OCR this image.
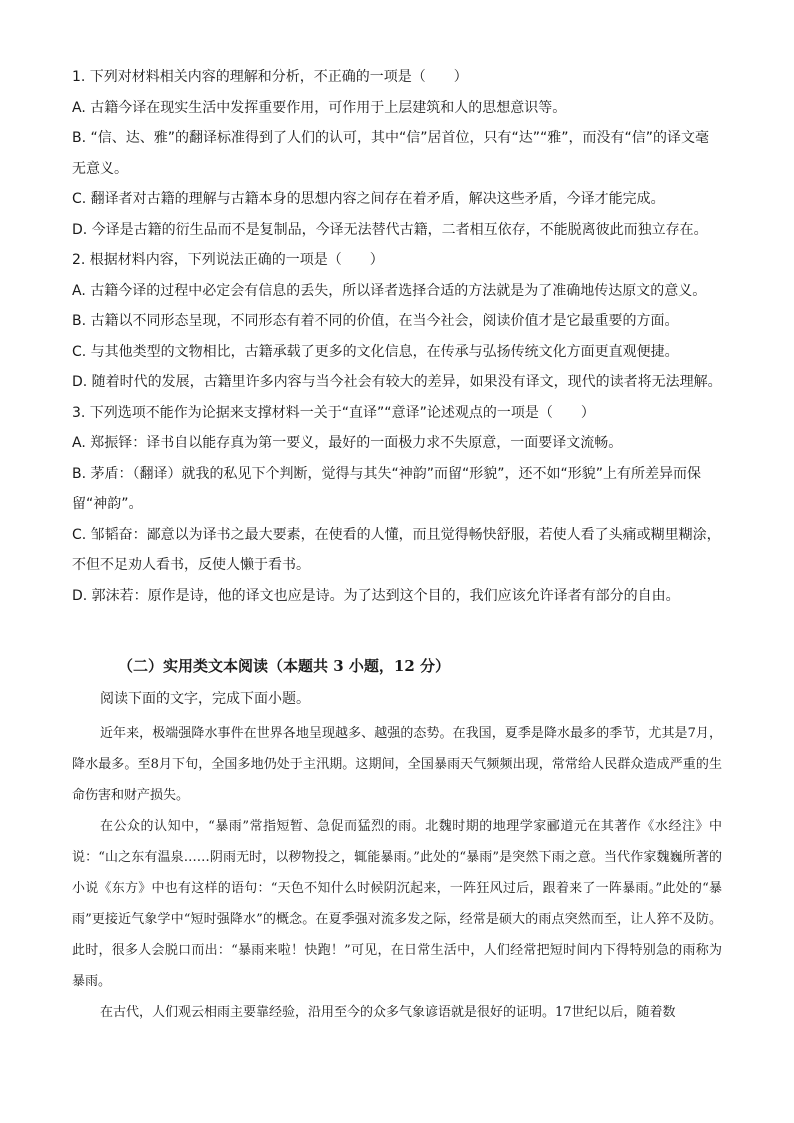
1. 下列对材料相关内容的理解和分析，不正确的一项是（　　）

A. 古籍今译在现实生活中发挥重要作用，可作用于上层建筑和人的思想意识等。

B. “信、达、雅”的翻译标准得到了人们的认可，其中“信”居首位，只有“达”“雅”，而没有“信”的译文毫无意义。

C. 翻译者对古籍的理解与古籍本身的思想内容之间存在着矛盾，解决这些矛盾，今译才能完成。

D. 今译是古籍的衍生品而不是复制品，今译无法替代古籍，二者相互依存，不能脱离彼此而独立存在。

2. 根据材料内容，下列说法正确的一项是（　　）

A. 古籍今译的过程中必定会有信息的丢失，所以译者选择合适的方法就是为了准确地传达原文的意义。

B. 古籍以不同形态呈现，不同形态有着不同的价值，在当今社会，阅读价值才是它最重要的方面。

C. 与其他类型的文物相比，古籍承载了更多的文化信息，在传承与弘扬传统文化方面更直观便捷。

D. 随着时代的发展，古籍里许多内容与当今社会有较大的差异，如果没有译文，现代的读者将无法理解。

3. 下列选项不能作为论据来支撑材料一关于“直译”“意译”论述观点的一项是（　　）

A. 郑振铎：译书自以能存真为第一要义，最好的一面极力求不失原意，一面要译文流畅。

B. 茅盾：（翻译）就我的私见下个判断，觉得与其失“神韵”而留“形貌”，还不如“形貌”上有所差异而保留“神韵”。

C. 邹韬奋：鄙意以为译书之最大要素，在使看的人懂，而且觉得畅快舒服，若使人看了头痛或糊里糊涂，不但不足劝人看书，反使人懒于看书。

D. 郭沫若：原作是诗，他的译文也应是诗。为了达到这个目的，我们应该允许译者有部分的自由。

（二）实用类文本阅读（本题共 3 小题，12 分）
阅读下面的文字，完成下面小题。

近年来，极端强降水事件在世界各地呈现越多、越强的态势。在我国，夏季是降水最多的季节，尤其是7月，降水最多。至8月下旬，全国多地仍处于主汛期。这期间，全国暴雨天气频频出现，常常给人民群众造成严重的生命伤害和财产损失。

在公众的认知中，“暴雨”常指短暂、急促而猛烈的雨。北魏时期的地理学家郦道元在其著作《水经注》中说：“山之东有温泉……阴雨无时，以秽物投之，辄能暴雨。”此处的“暴雨”是突然下雨之意。当代作家魏巍所著的小说《东方》中也有这样的语句：“天色不知什么时候阴沉起来，一阵狂风过后，跟着来了一阵暴雨。”此处的“暴雨”更接近气象学中“短时强降水”的概念。在夏季强对流多发之际，经常是硕大的雨点突然而至，让人猝不及防。此时，很多人会脱口而出：“暴雨来啦！快跑！”可见，在日常生活中，人们经常把短时间内下得特别急的雨称为暴雨。

在古代，人们观云相雨主要靠经验，沿用至今的众多气象谚语就是很好的证明。17世纪以后，随着数
